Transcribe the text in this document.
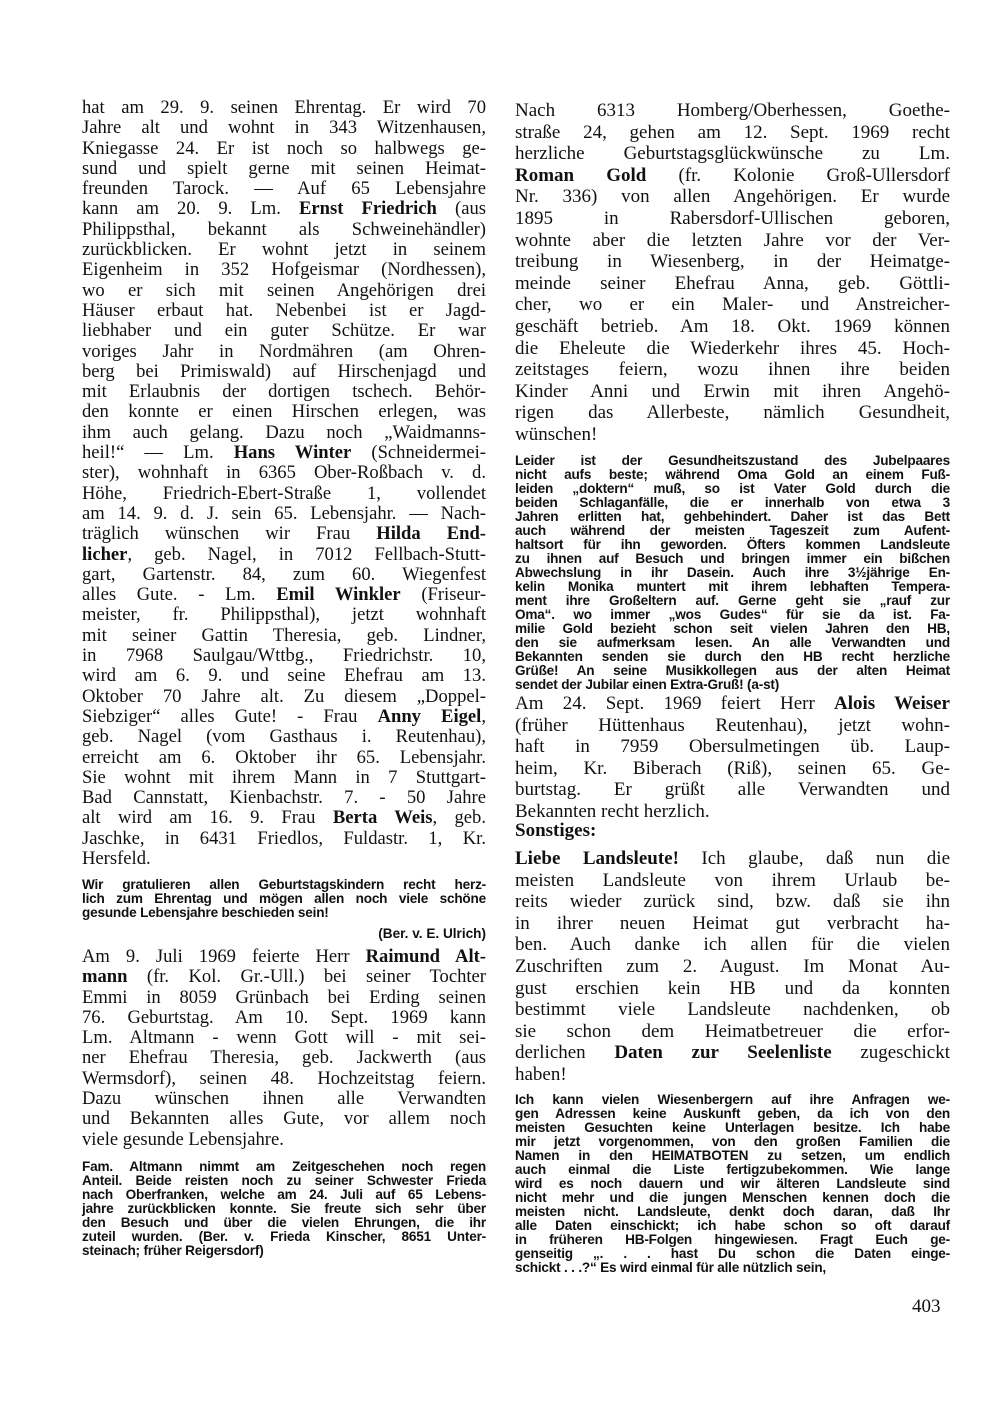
hat am 29. 9. seinen Ehrentag. Er wird 70
Jahre alt und wohnt in 343 Witzenhausen,
Kniegasse 24. Er ist noch so halbwegs ge-
sund und spielt gerne mit seinen Heimat-
freunden Tarock. — Auf 65 Lebensjahre
kann am 20. 9. Lm. Ernst Friedrich (aus
Philippsthal, bekannt als Schweinehändler)
zurückblicken. Er wohnt jetzt in seinem
Eigenheim in 352 Hofgeismar (Nordhessen),
wo er sich mit seinen Angehörigen drei
Häuser erbaut hat. Nebenbei ist er Jagd-
liebhaber und ein guter Schütze. Er war
voriges Jahr in Nordmähren (am Ohren-
berg bei Primiswald) auf Hirschenjagd und
mit Erlaubnis der dortigen tschech. Behör-
den konnte er einen Hirschen erlegen, was
ihm auch gelang. Dazu noch „Waidmanns-
heil!“ — Lm. Hans Winter (Schneidermei-
ster), wohnhaft in 6365 Ober-Roßbach v. d.
Höhe, Friedrich-Ebert-Straße 1, vollendet
am 14. 9. d. J. sein 65. Lebensjahr. — Nach-
träglich wünschen wir Frau Hilda End-
licher, geb. Nagel, in 7012 Fellbach-Stutt-
gart, Gartenstr. 84, zum 60. Wiegenfest
alles Gute. - Lm. Emil Winkler (Friseur-
meister, fr. Philippsthal), jetzt wohnhaft
mit seiner Gattin Theresia, geb. Lindner,
in 7968 Saulgau/Wttbg., Friedrichstr. 10,
wird am 6. 9. und seine Ehefrau am 13.
Oktober 70 Jahre alt. Zu diesem „Doppel-
Siebziger“ alles Gute! - Frau Anny Eigel,
geb. Nagel (vom Gasthaus i. Reutenhau),
erreicht am 6. Oktober ihr 65. Lebensjahr.
Sie wohnt mit ihrem Mann in 7 Stuttgart-
Bad Cannstatt, Kienbachstr. 7. - 50 Jahre
alt wird am 16. 9. Frau Berta Weis, geb.
Jaschke, in 6431 Friedlos, Fuldastr. 1, Kr.
Hersfeld.
Wir gratulieren allen Geburtstagskindern recht herz-
lich zum Ehrentag und mögen allen noch viele schöne
gesunde Lebensjahre beschieden sein!
(Ber. v. E. Ulrich)
Am 9. Juli 1969 feierte Herr Raimund Alt-
mann (fr. Kol. Gr.-Ull.) bei seiner Tochter
Emmi in 8059 Grünbach bei Erding seinen
76. Geburtstag. Am 10. Sept. 1969 kann
Lm. Altmann - wenn Gott will - mit sei-
ner Ehefrau Theresia, geb. Jackwerth (aus
Wermsdorf), seinen 48. Hochzeitstag feiern.
Dazu wünschen ihnen alle Verwandten
und Bekannten alles Gute, vor allem noch
viele gesunde Lebensjahre.
Fam. Altmann nimmt am Zeitgeschehen noch regen
Anteil. Beide reisten noch zu seiner Schwester Frieda
nach Oberfranken, welche am 24. Juli auf 65 Lebens-
jahre zurückblicken konnte. Sie freute sich sehr über
den Besuch und über die vielen Ehrungen, die ihr
zuteil wurden. (Ber. v. Frieda Kinscher, 8651 Unter-
steinach; früher Reigersdorf)
Nach 6313 Homberg/Oberhessen, Goethe-
straße 24, gehen am 12. Sept. 1969 recht
herzliche Geburtstagsglückwünsche zu Lm.
Roman Gold (fr. Kolonie Groß-Ullersdorf
Nr. 336) von allen Angehörigen. Er wurde
1895 in Rabersdorf-Ullischen geboren,
wohnte aber die letzten Jahre vor der Ver-
treibung in Wiesenberg, in der Heimatge-
meinde seiner Ehefrau Anna, geb. Göttli-
cher, wo er ein Maler- und Anstreicher-
geschäft betrieb. Am 18. Okt. 1969 können
die Eheleute die Wiederkehr ihres 45. Hoch-
zeitstages feiern, wozu ihnen ihre beiden
Kinder Anni und Erwin mit ihren Angehö-
rigen das Allerbeste, nämlich Gesundheit,
wünschen!
Leider ist der Gesundheitszustand des Jubelpaares
nicht aufs beste; während Oma Gold an einem Fuß-
leiden „doktern“ muß, so ist Vater Gold durch die
beiden Schlaganfälle, die er innerhalb von etwa 3
Jahren erlitten hat, gehbehindert. Daher ist das Bett
auch während der meisten Tageszeit zum Aufent-
haltsort für ihn geworden. Öfters kommen Landsleute
zu ihnen auf Besuch und bringen immer ein bißchen
Abwechslung in ihr Dasein. Auch ihre 3½jährige En-
kelin Monika muntert mit ihrem lebhaften Tempera-
ment ihre Großeltern auf. Gerne geht sie „rauf zur
Oma“. wo immer „wos Gudes“ für sie da ist. Fa-
milie Gold bezieht schon seit vielen Jahren den HB,
den sie aufmerksam lesen. An alle Verwandten und
Bekannten senden sie durch den HB recht herzliche
Grüße! An seine Musikkollegen aus der alten Heimat
sendet der Jubilar einen Extra-Gruß! (a-st)
Am 24. Sept. 1969 feiert Herr Alois Weiser
(früher Hüttenhaus Reutenhau), jetzt wohn-
haft in 7959 Obersulmetingen üb. Laup-
heim, Kr. Biberach (Riß), seinen 65. Ge-
burtstag. Er grüßt alle Verwandten und
Bekannten recht herzlich.
Sonstiges:
Liebe Landsleute! Ich glaube, daß nun die
meisten Landsleute von ihrem Urlaub be-
reits wieder zurück sind, bzw. daß sie ihn
in ihrer neuen Heimat gut verbracht ha-
ben. Auch danke ich allen für die vielen
Zuschriften zum 2. August. Im Monat Au-
gust erschien kein HB und da konnten
bestimmt viele Landsleute nachdenken, ob
sie schon dem Heimatbetreuer die erfor-
derlichen Daten zur Seelenliste zugeschickt
haben!
Ich kann vielen Wiesenbergern auf ihre Anfragen we-
gen Adressen keine Auskunft geben, da ich von den
meisten Gesuchten keine Unterlagen besitze. Ich habe
mir jetzt vorgenommen, von den großen Familien die
Namen in den HEIMATBOTEN zu setzen, um endlich
auch einmal die Liste fertigzubekommen. Wie lange
wird es noch dauern und wir älteren Landsleute sind
nicht mehr und die jungen Menschen kennen doch die
meisten nicht. Landsleute, denkt doch daran, daß Ihr
alle Daten einschickt; ich habe schon so oft darauf
in früheren HB-Folgen hingewiesen. Fragt Euch ge-
genseitig „. . . hast Du schon die Daten einge-
schickt . . .?“ Es wird einmal für alle nützlich sein,
403
